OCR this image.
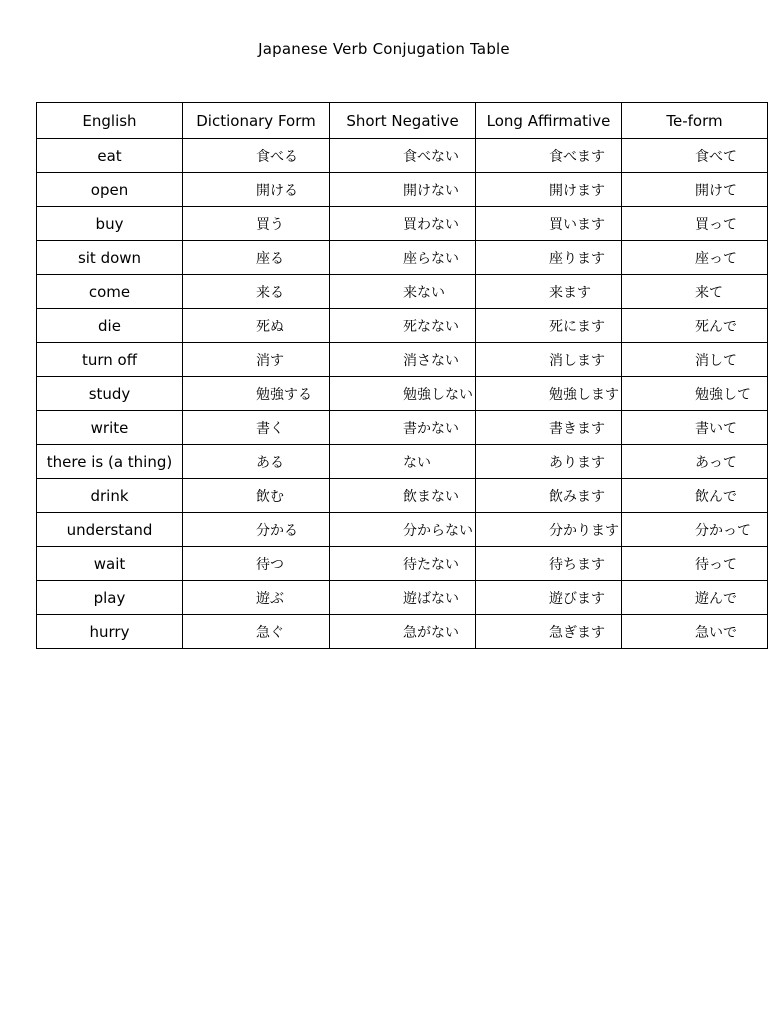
Japanese Verb Conjugation Table
English	Dictionary Form	Short Negative	Long Affirmative	Te-form
eat	食べる	食べない	食べます	食べて
open	開ける	開けない	開けます	開けて
buy	買う	買わない	買います	買って
sit down	座る	座らない	座ります	座って
come	来る	来ない	来ます	来て
die	死ぬ	死なない	死にます	死んで
turn off	消す	消さない	消します	消して
study	勉強する	勉強しない	勉強します	勉強して
write	書く	書かない	書きます	書いて
there is (a thing)	ある	ない	あります	あって
drink	飲む	飲まない	飲みます	飲んで
understand	分かる	分からない	分かります	分かって
wait	待つ	待たない	待ちます	待って
play	遊ぶ	遊ばない	遊びます	遊んで
hurry	急ぐ	急がない	急ぎます	急いで
